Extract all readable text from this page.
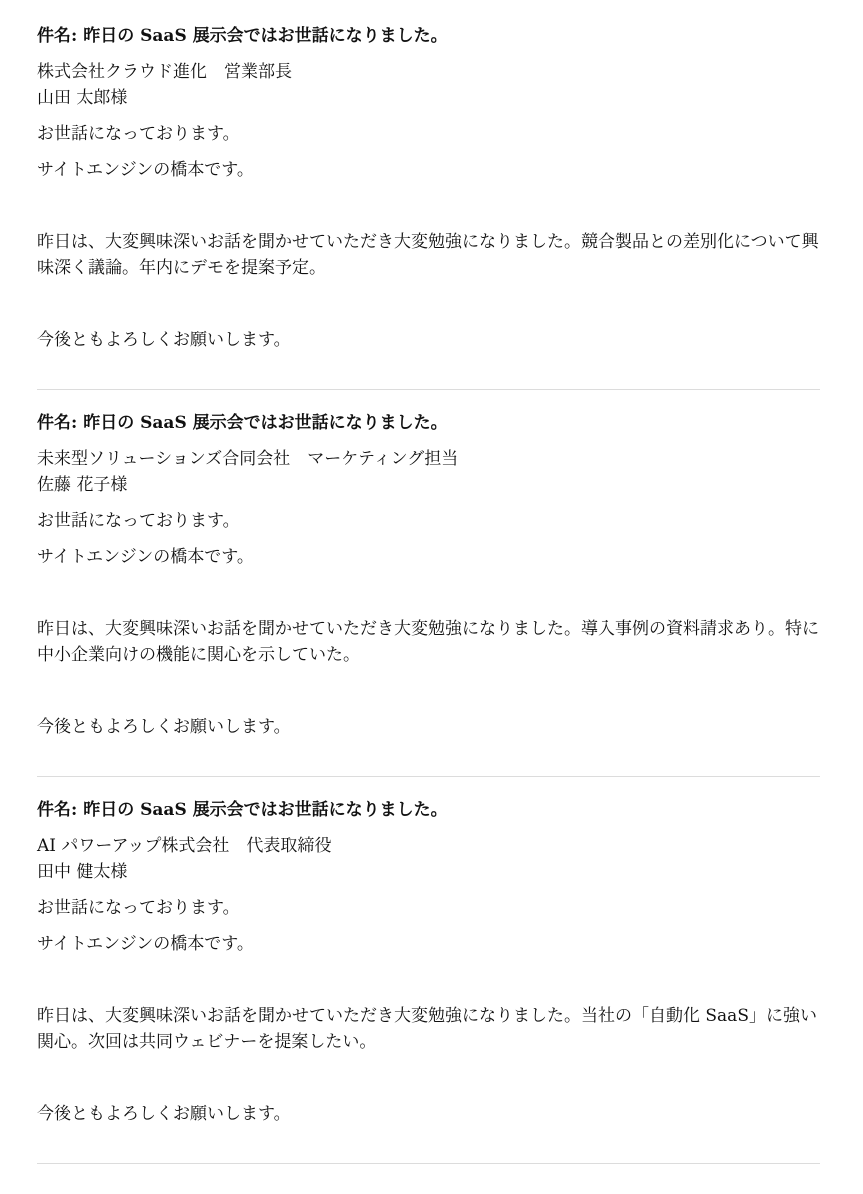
件名: 昨日の SaaS 展示会ではお世話になりました。

株式会社クラウド進化　営業部長
山田 太郎様

お世話になっております。

サイトエンジンの橋本です。

昨日は、大変興味深いお話を聞かせていただき大変勉強になりました。競合製品との差別化について興味深く議論。年内にデモを提案予定。

今後ともよろしくお願いします。

件名: 昨日の SaaS 展示会ではお世話になりました。

未来型ソリューションズ合同会社　マーケティング担当
佐藤 花子様

お世話になっております。

サイトエンジンの橋本です。

昨日は、大変興味深いお話を聞かせていただき大変勉強になりました。導入事例の資料請求あり。特に中小企業向けの機能に関心を示していた。

今後ともよろしくお願いします。

件名: 昨日の SaaS 展示会ではお世話になりました。

AI パワーアップ株式会社　代表取締役
田中 健太様

お世話になっております。

サイトエンジンの橋本です。

昨日は、大変興味深いお話を聞かせていただき大変勉強になりました。当社の「自動化 SaaS」に強い関心。次回は共同ウェビナーを提案したい。

今後ともよろしくお願いします。
